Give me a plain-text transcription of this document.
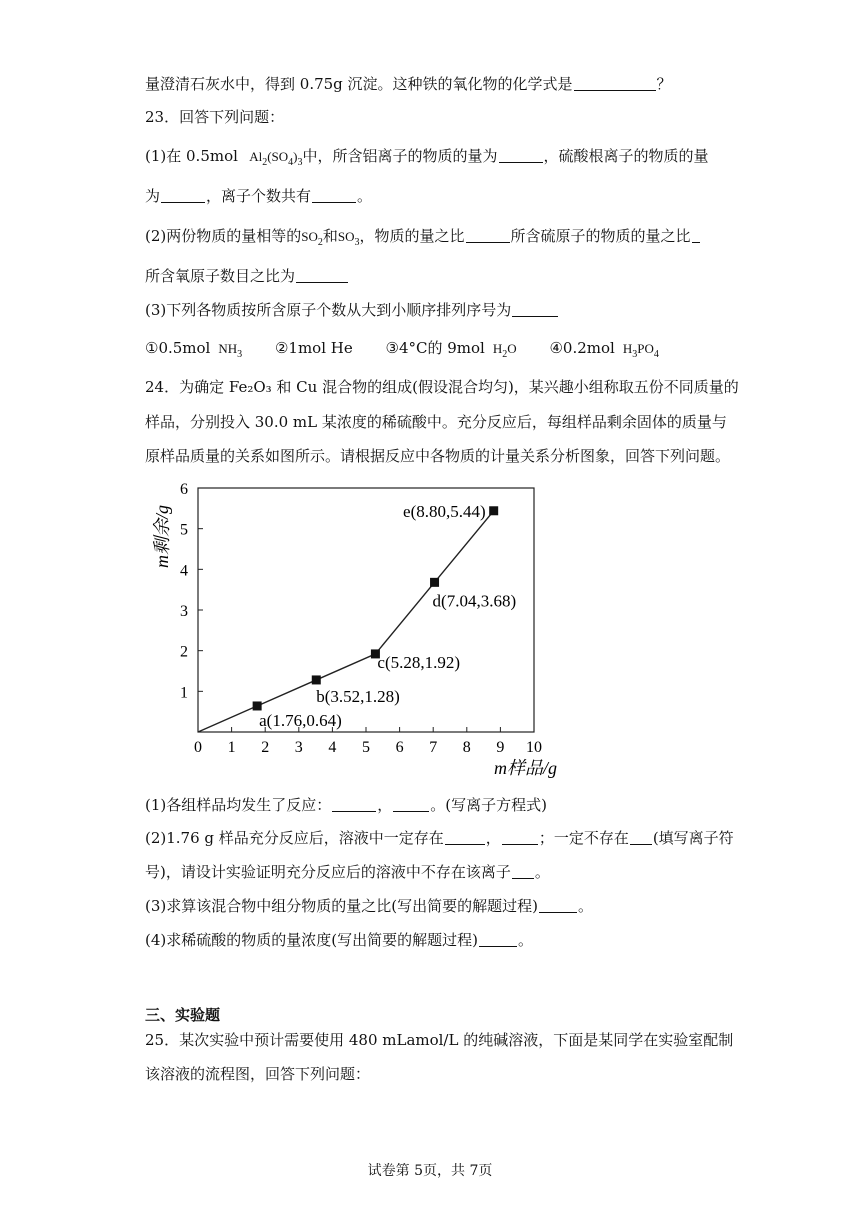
量澄清石灰水中，得到 0.75g 沉淀。这种铁的氧化物的化学式是	？
23．回答下列问题：
(1)在 0.5mol   $Al_2(SO_4)_3$中，所含铝离子的物质的量为	，硫酸根离子的物质的量
为	，离子个数共有	。
(2)两份物质的量相等的$SO_2$和$SO_3$，物质的量之比	所含硫原子的物质的量之比
所含氧原子数目之比为
(3)下列各物质按所含原子个数从大到小顺序排列序号为
①0.5mol  $NH_3$ ②1mol He ③4°C的 9mol  $H_2O$ ④0.2mol  $H_3PO_4$
24．为确定 Fe₂O₃ 和 Cu 混合物的组成(假设混合均匀)，某兴趣小组称取五份不同质量的
样品，分别投入 30.0 mL 某浓度的稀硫酸中。充分反应后，每组样品剩余固体的质量与
原样品质量的关系如图所示。请根据反应中各物质的计量关系分析图象，回答下列问题。
0 1 2 3 4 5 6 7 8 9 10
1
2
3
4
5
6
a(1.76,0.64)
b(3.52,1.28)
c(5.28,1.92)
d(7.04,3.68)
e(8.80,5.44)
m样品/g
m剩余/g
(1)各组样品均发生了反应：	，	。(写离子方程式)
(2)1.76 g 样品充分反应后，溶液中一定存在	，	；一定不存在 (填写离子符
号)，请设计实验证明充分反应后的溶液中不存在该离子 。
(3)求算该混合物中组分物质的量之比(写出简要的解题过程)	。
(4)求稀硫酸的物质的量浓度(写出简要的解题过程)	。
三、实验题
25．某次实验中预计需要使用 480 mLamol/L 的纯碱溶液，下面是某同学在实验室配制
该溶液的流程图，回答下列问题：
试卷第 5页，共 7页
